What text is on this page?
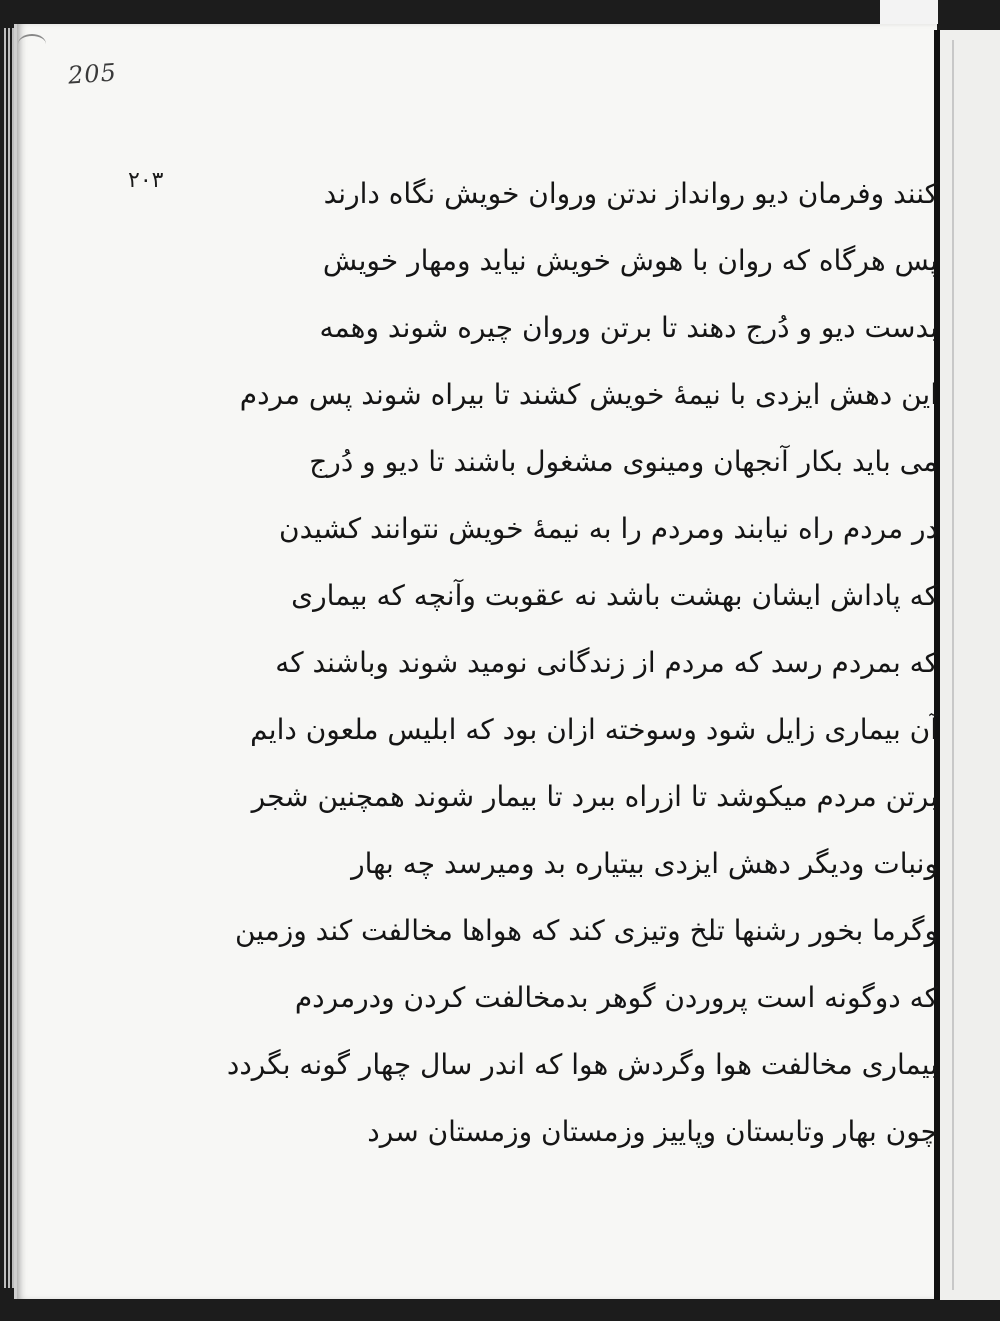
205
۲۰۳	کنند وفرمان دیو روانداز ندتن وروان خویش نگاه دارند
پس هرگاه که روان با هوش خویش نیاید ومهار خویش
بدست دیو و دُرج دهند تا برتن وروان چیره شوند وهمه
این دهش ایزدی با نیمهٔ خویش کشند تا بیراه شوند پس مردم
می باید بکار آنجهان ومینوی مشغول باشند تا دیو و دُرج
در مردم راه نیابند ومردم را به نیمهٔ خویش نتوانند کشیدن
که پاداش ایشان بهشت باشد نه عقوبت وآنچه که بیماری
که بمردم رسد که مردم از زندگانی نومید شوند وباشند که
آن بیماری زایل شود وسوخته ازان بود که ابلیس ملعون دایم
برتن مردم میکوشد تا ازراه ببرد تا بیمار شوند همچنین شجر
ونبات ودیگر دهش ایزدی بیتیاره بد ومیرسد چه بهار
وگرما بخور رشنها تلخ وتیزی کند که هواها مخالفت کند وزمین
که دوگونه است پروردن گوهر بدمخالفت کردن ودرمردم
بیماری مخالفت هوا وگردش هوا که اندر سال چهار گونه بگردد
چون بهار وتابستان وپاییز وزمستان وزمستان سرد
